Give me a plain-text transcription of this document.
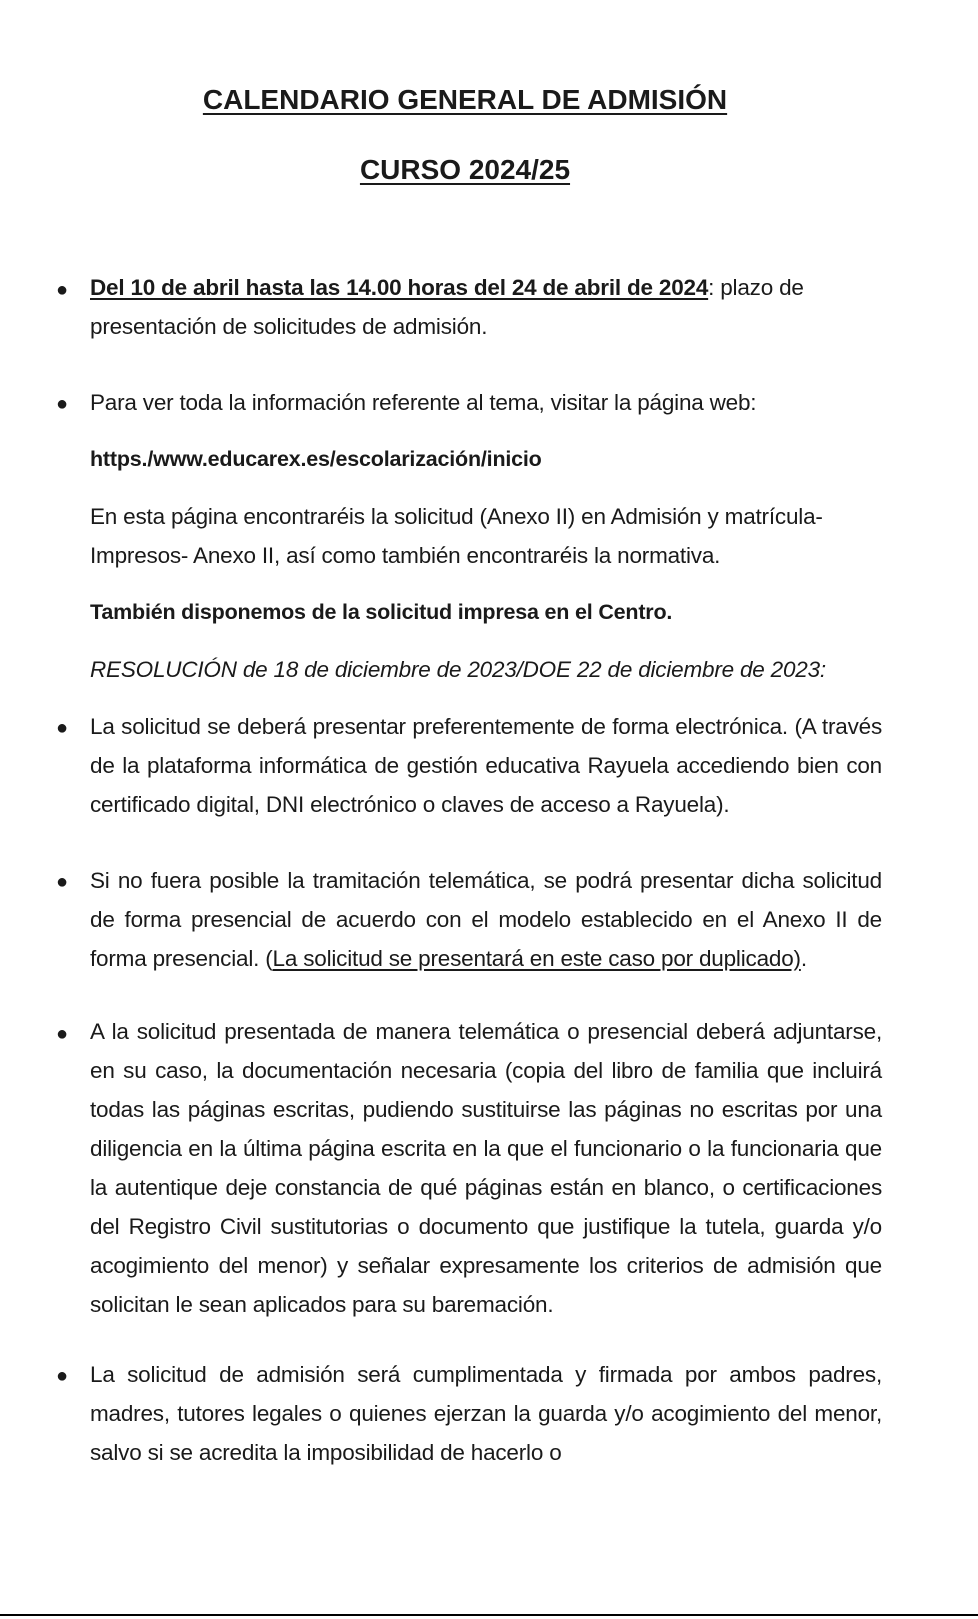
CALENDARIO GENERAL DE ADMISIÓN
CURSO 2024/25
● Del 10 de abril hasta las 14.00 horas del 24 de abril de 2024: plazo de
presentación de solicitudes de admisión.
● Para ver toda la información referente al tema, visitar la página web:
https./www.educarex.es/escolarización/inicio
En esta página encontraréis la solicitud (Anexo II) en Admisión y matrícula-
Impresos- Anexo II, así como también encontraréis la normativa.
También disponemos de la solicitud impresa en el Centro.
RESOLUCIÓN de 18 de diciembre de 2023/DOE 22 de diciembre de 2023:
● La solicitud se deberá presentar preferentemente de forma electrónica. (A través de la plataforma informática de gestión educativa Rayuela accediendo bien con certificado digital, DNI electrónico o claves de acceso a Rayuela).
● Si no fuera posible la tramitación telemática, se podrá presentar dicha solicitud de forma presencial de acuerdo con el modelo establecido en el Anexo II de forma presencial. (La solicitud se presentará en este caso por duplicado).
● A la solicitud presentada de manera telemática o presencial deberá adjuntarse, en su caso, la documentación necesaria (copia del libro de familia que incluirá todas las páginas escritas, pudiendo sustituirse las páginas no escritas por una diligencia en la última página escrita en la que el funcionario o la funcionaria que la autentique deje constancia de qué páginas están en blanco, o certificaciones del Registro Civil sustitutorias o documento que justifique la tutela, guarda y/o acogimiento del menor) y señalar expresamente los criterios de admisión que solicitan le sean aplicados para su baremación.
● La solicitud de admisión será cumplimentada y firmada por ambos padres, madres, tutores legales o quienes ejerzan la guarda y/o acogimiento del menor, salvo si se acredita la imposibilidad de hacerlo o
